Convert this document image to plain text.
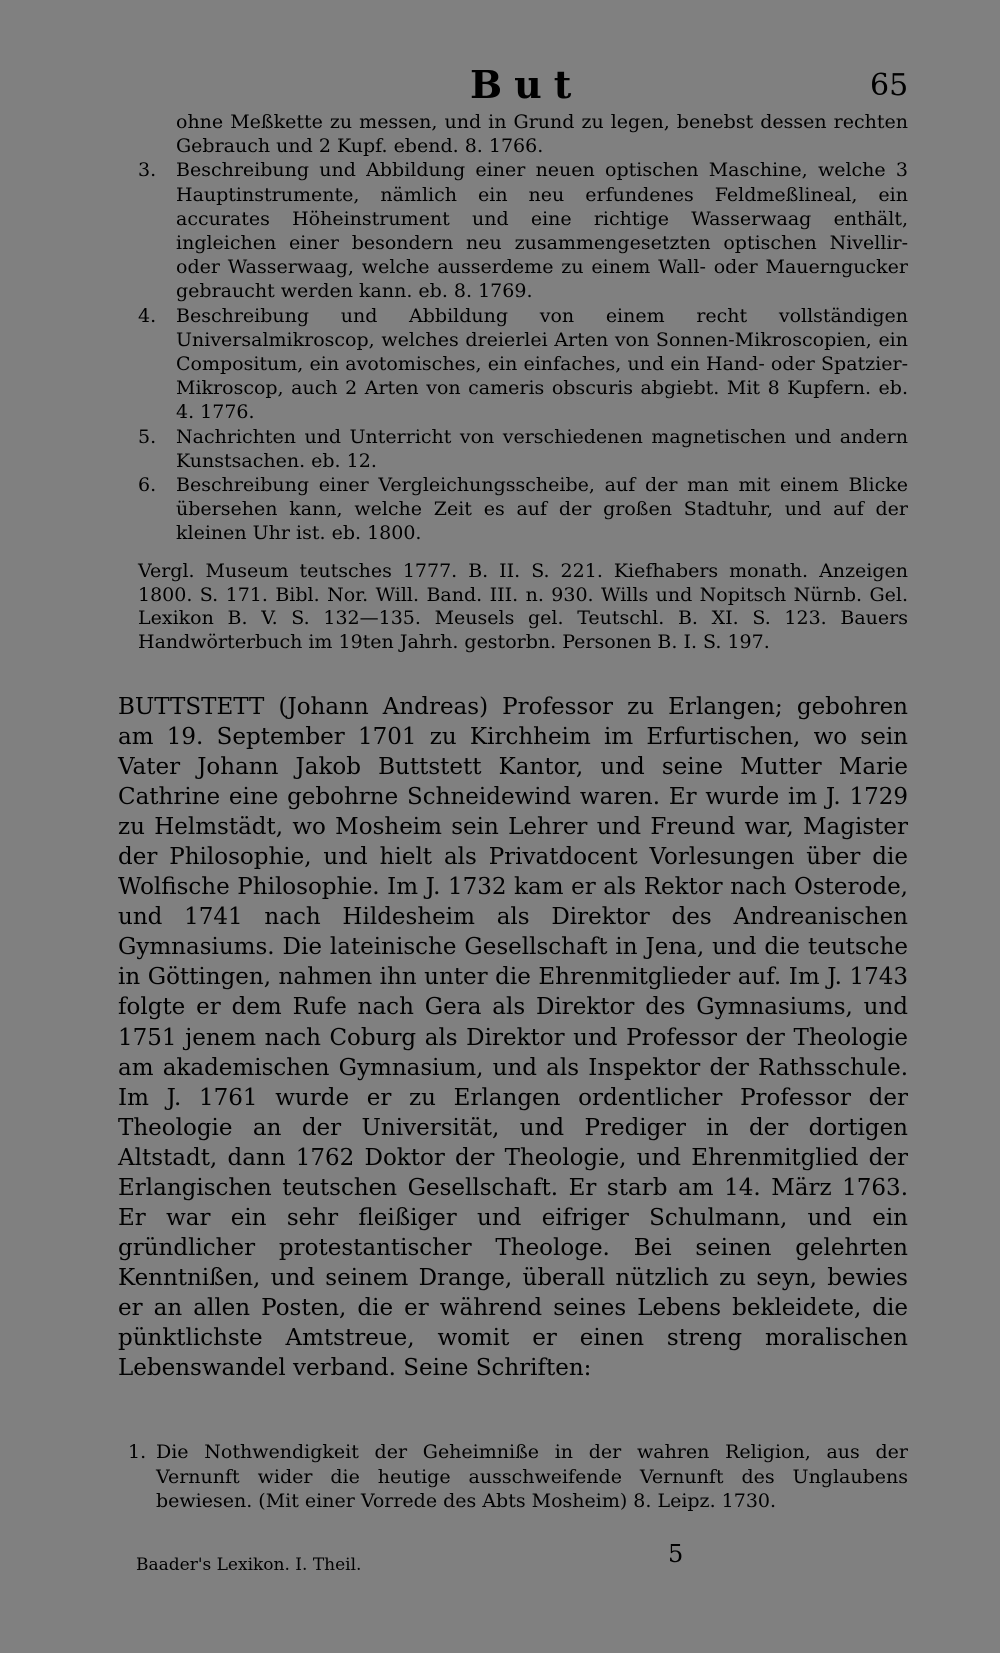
But	65
ohne Meßkette zu messen, und in Grund zu legen, benebst dessen rechten Gebrauch und 2 Kupf. ebend. 8. 1766.
3. Beschreibung und Abbildung einer neuen optischen Maschine, welche 3 Hauptinstrumente, nämlich ein neu erfundenes Feldmeßlineal, ein accurates Höheinstrument und eine richtige Wasserwaag enthält, ingleichen einer besondern neu zusammengesetzten optischen Nivellir- oder Wasserwaag, welche ausserdeme zu einem Wall- oder Mauerngucker gebraucht werden kann. eb. 8. 1769.
4. Beschreibung und Abbildung von einem recht vollständigen Universalmikroscop, welches dreierlei Arten von Sonnen-Mikroscopien, ein Compositum, ein avotomisches, ein einfaches, und ein Hand- oder Spatzier-Mikroscop, auch 2 Arten von cameris obscuris abgiebt. Mit 8 Kupfern. eb. 4. 1776.
5. Nachrichten und Unterricht von verschiedenen magnetischen und andern Kunstsachen. eb. 12.
6. Beschreibung einer Vergleichungsscheibe, auf der man mit einem Blicke übersehen kann, welche Zeit es auf der großen Stadtuhr, und auf der kleinen Uhr ist. eb. 1800.
Vergl. Museum teutsches 1777. B. II. S. 221. Kiefhabers monath. Anzeigen 1800. S. 171. Bibl. Nor. Will. Band. III. n. 930. Wills und Nopitsch Nürnb. Gel. Lexikon B. V. S. 132—135. Meusels gel. Teutschl. B. XI. S. 123. Bauers Handwörterbuch im 19ten Jahrh. gestorbn. Personen B. I. S. 197.
BUTTSTETT (Johann Andreas) Professor zu Erlangen; gebohren am 19. September 1701 zu Kirchheim im Erfurtischen, wo sein Vater Johann Jakob Buttstett Kantor, und seine Mutter Marie Cathrine eine gebohrne Schneidewind waren. Er wurde im J. 1729 zu Helmstädt, wo Mosheim sein Lehrer und Freund war, Magister der Philosophie, und hielt als Privatdocent Vorlesungen über die Wolfische Philosophie. Im J. 1732 kam er als Rektor nach Osterode, und 1741 nach Hildesheim als Direktor des Andreanischen Gymnasiums. Die lateinische Gesellschaft in Jena, und die teutsche in Göttingen, nahmen ihn unter die Ehrenmitglieder auf. Im J. 1743 folgte er dem Rufe nach Gera als Direktor des Gymnasiums, und 1751 jenem nach Coburg als Direktor und Professor der Theologie am akademischen Gymnasium, und als Inspektor der Rathsschule. Im J. 1761 wurde er zu Erlangen ordentlicher Professor der Theologie an der Universität, und Prediger in der dortigen Altstadt, dann 1762 Doktor der Theologie, und Ehrenmitglied der Erlangischen teutschen Gesellschaft. Er starb am 14. März 1763. Er war ein sehr fleißiger und eifriger Schulmann, und ein gründlicher protestantischer Theologe. Bei seinen gelehrten Kenntnißen, und seinem Drange, überall nützlich zu seyn, bewies er an allen Posten, die er während seines Lebens bekleidete, die pünktlichste Amtstreue, womit er einen streng moralischen Lebenswandel verband. Seine Schriften:
1. Die Nothwendigkeit der Geheimniße in der wahren Religion, aus der Vernunft wider die heutige ausschweifende Vernunft des Unglaubens bewiesen. (Mit einer Vorrede des Abts Mosheim) 8. Leipz. 1730.
Baader's Lexikon. I. Theil.	5
